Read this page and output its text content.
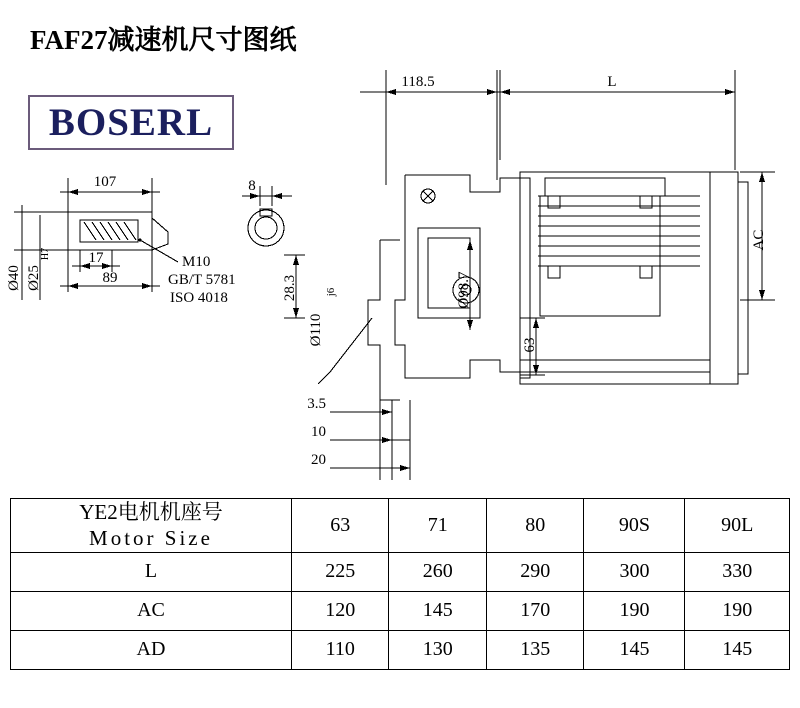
FAF27减速机尺寸图纸
BOSERL
118.5	L
107	8
17
89
63
3.5
10
20
AC
28.3	Ø98.7
Ø110
j6
Ø40 Ø25
H7	M10
GB/T 5781
ISO 4018
YE2电机机座号
Motor Size	63	71	80	90S	90L
L	225	260	290	300	330
AC	120	145	170	190	190
AD	110	130	135	145	145
